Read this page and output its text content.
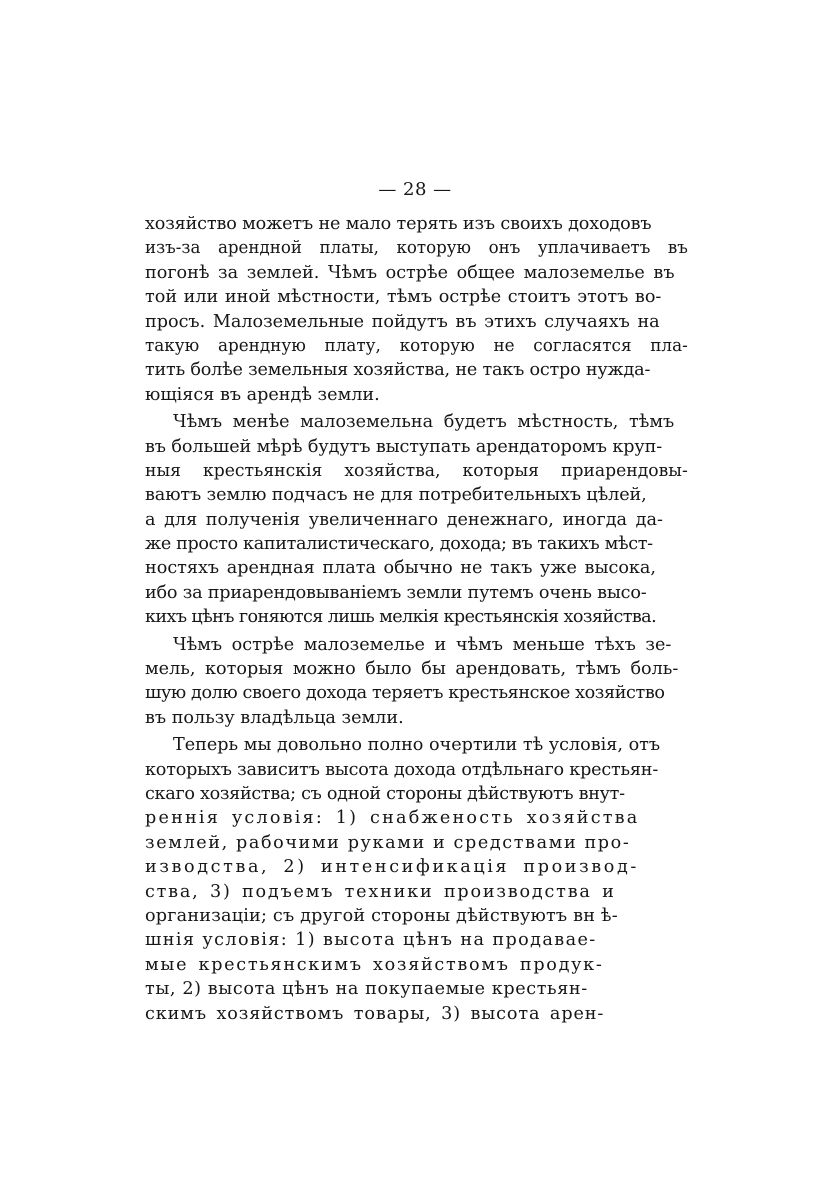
— 28 —
хозяйство можетъ не мало терять изъ своихъ доходовъ
изъ-за арендной платы, которую онъ уплачиваетъ въ
погонѣ за землей. Чѣмъ острѣе общее малоземелье въ
той или иной мѣстности, тѣмъ острѣе стоитъ этотъ во-
просъ. Малоземельные пойдутъ въ этихъ случаяхъ на
такую арендную плату, которую не согласятся пла-
тить болѣе земельныя хозяйства, не такъ остро нужда-
ющіяся въ арендѣ земли.
Чѣмъ менѣе малоземельна будетъ мѣстность, тѣмъ
въ большей мѣрѣ будутъ выступать арендаторомъ круп-
ныя крестьянскія хозяйства, которыя приарендовы-
ваютъ землю подчасъ не для потребительныхъ цѣлей,
а для полученія увеличеннаго денежнаго, иногда да-
же просто капиталистическаго, дохода; въ такихъ мѣст-
ностяхъ арендная плата обычно не такъ уже высока,
ибо за приарендовываніемъ земли путемъ очень высо-
кихъ цѣнъ гоняются лишь мелкія крестьянскія хозяйства.
Чѣмъ острѣе малоземелье и чѣмъ меньше тѣхъ зе-
мель, которыя можно было бы арендовать, тѣмъ боль-
шую долю своего дохода теряетъ крестьянское хозяйство
въ пользу владѣльца земли.
Теперь мы довольно полно очертили тѣ условія, отъ
которыхъ зависитъ высота дохода отдѣльнаго крестьян-
скаго хозяйства; съ одной стороны дѣйствуютъ внут-
реннія условія: 1) снабженость хозяйства
землей, рабочими руками и средствами про-
изводства, 2) интенсификація производ-
ства, 3) подъемъ техники производства и
организаціи; съ другой стороны дѣйствуютъ вн ѣ-
шнія условія: 1) высота цѣнъ на продавае-
мые крестьянскимъ хозяйствомъ продук-
ты, 2) высота цѣнъ на покупаемые крестьян-
скимъ хозяйствомъ товары, 3) высота арен-
